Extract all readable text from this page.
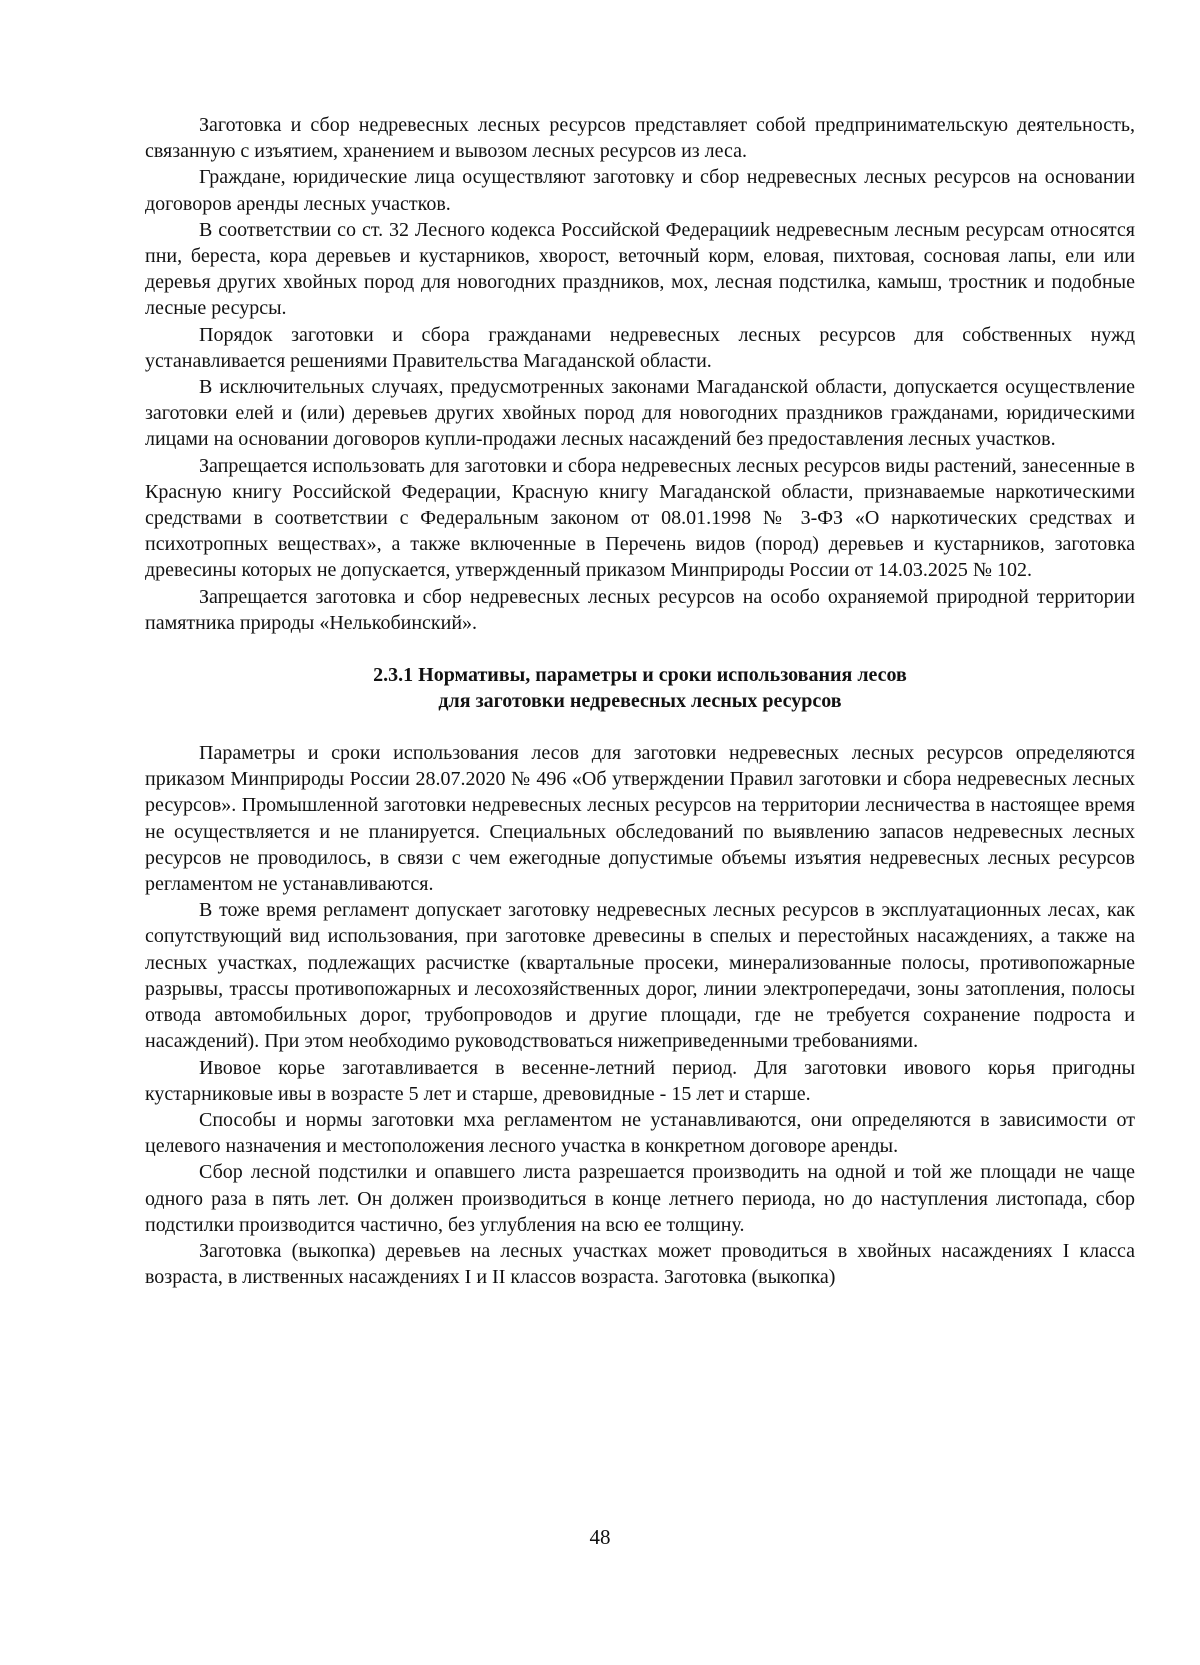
Заготовка и сбор недревесных лесных ресурсов представляет собой предпринимательскую деятельность, связанную с изъятием, хранением и вывозом лесных ресурсов из леса.

Граждане, юридические лица осуществляют заготовку и сбор недревесных лесных ресурсов на основании договоров аренды лесных участков.

В соответствии со ст. 32 Лесного кодекса Российской Федерацииk недревесным лесным ресурсам относятся пни, береста, кора деревьев и кустарников, хворост, веточный корм, еловая, пихтовая, сосновая лапы, ели или деревья других хвойных пород для новогодних праздников, мох, лесная подстилка, камыш, тростник и подобные лесные ресурсы.

Порядок заготовки и сбора гражданами недревесных лесных ресурсов для собственных нужд устанавливается решениями Правительства Магаданской области.

В исключительных случаях, предусмотренных законами Магаданской области, допускается осуществление заготовки елей и (или) деревьев других хвойных пород для новогодних праздников гражданами, юридическими лицами на основании договоров купли-продажи лесных насаждений без предоставления лесных участков.

Запрещается использовать для заготовки и сбора недревесных лесных ресурсов виды растений, занесенные в Красную книгу Российской Федерации, Красную книгу Магаданской области, признаваемые наркотическими средствами в соответствии с Федеральным законом от 08.01.1998 № 3-ФЗ «О наркотических средствах и психотропных веществах», а также включенные в Перечень видов (пород) деревьев и кустарников, заготовка древесины которых не допускается, утвержденный приказом Минприроды России от 14.03.2025 № 102.

Запрещается заготовка и сбор недревесных лесных ресурсов на особо охраняемой природной территории памятника природы «Нелькобинский».

2.3.1 Нормативы, параметры и сроки использования лесов
для заготовки недревесных лесных ресурсов

Параметры и сроки использования лесов для заготовки недревесных лесных ресурсов определяются приказом Минприроды России 28.07.2020 № 496 «Об утверждении Правил заготовки и сбора недревесных лесных ресурсов». Промышленной заготовки недревесных лесных ресурсов на территории лесничества в настоящее время не осуществляется и не планируется. Специальных обследований по выявлению запасов недревесных лесных ресурсов не проводилось, в связи с чем ежегодные допустимые объемы изъятия недревесных лесных ресурсов регламентом не устанавливаются.

В тоже время регламент допускает заготовку недревесных лесных ресурсов в эксплуатационных лесах, как сопутствующий вид использования, при заготовке древесины в спелых и перестойных насаждениях, а также на лесных участках, подлежащих расчистке (квартальные просеки, минерализованные полосы, противопожарные разрывы, трассы противопожарных и лесохозяйственных дорог, линии электропередачи, зоны затопления, полосы отвода автомобильных дорог, трубопроводов и другие площади, где не требуется сохранение подроста и насаждений). При этом необходимо руководствоваться нижеприведенными требованиями.

Ивовое корье заготавливается в весенне-летний период. Для заготовки ивового корья пригодны кустарниковые ивы в возрасте 5 лет и старше, древовидные - 15 лет и старше.

Способы и нормы заготовки мха регламентом не устанавливаются, они определяются в зависимости от целевого назначения и местоположения лесного участка в конкретном договоре аренды.

Сбор лесной подстилки и опавшего листа разрешается производить на одной и той же площади не чаще одного раза в пять лет. Он должен производиться в конце летнего периода, но до наступления листопада, сбор подстилки производится частично, без углубления на всю ее толщину.

Заготовка (выкопка) деревьев на лесных участках может проводиться в хвойных насаждениях I класса возраста, в лиственных насаждениях I и II классов возраста. Заготовка (выкопка)

48
